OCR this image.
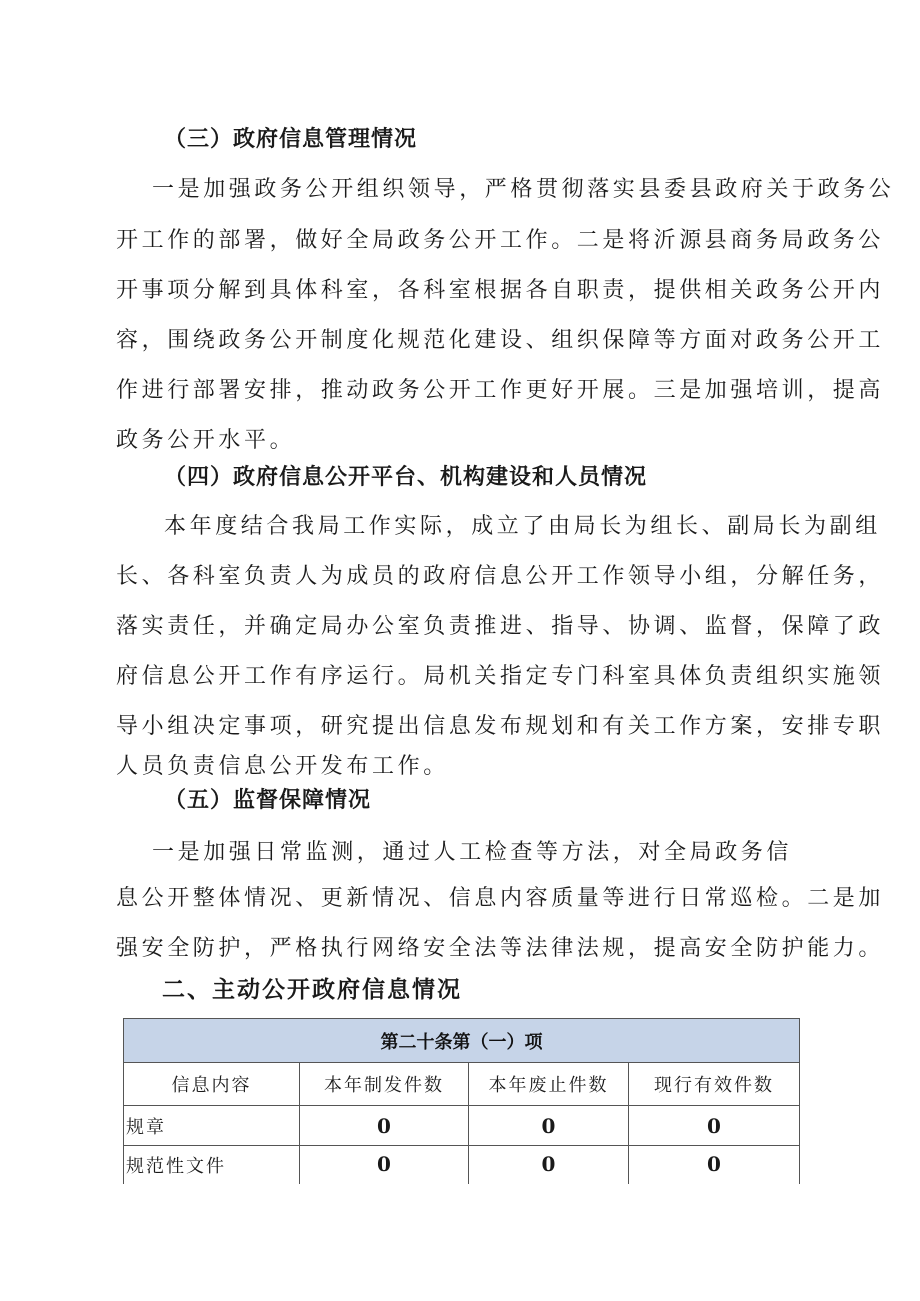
（三）政府信息管理情况
一是加强政务公开组织领导，严格贯彻落实县委县政府关于政务公
开工作的部署，做好全局政务公开工作。二是将沂源县商务局政务公
开事项分解到具体科室，各科室根据各自职责，提供相关政务公开内
容，围绕政务公开制度化规范化建设、组织保障等方面对政务公开工
作进行部署安排，推动政务公开工作更好开展。三是加强培训，提高
政务公开水平。
（四）政府信息公开平台、机构建设和人员情况
本年度结合我局工作实际，成立了由局长为组长、副局长为副组
长、各科室负责人为成员的政府信息公开工作领导小组，分解任务，
落实责任，并确定局办公室负责推进、指导、协调、监督，保障了政
府信息公开工作有序运行。局机关指定专门科室具体负责组织实施领
导小组决定事项，研究提出信息发布规划和有关工作方案，安排专职
人员负责信息公开发布工作。
（五）监督保障情况
一是加强日常监测，通过人工检查等方法，对全局政务信
息公开整体情况、更新情况、信息内容质量等进行日常巡检。二是加
强安全防护，严格执行网络安全法等法律法规，提高安全防护能力。
二、主动公开政府信息情况
第二十条第（一）项			
信息内容	本年制发件数	本年废止件数	现行有效件数
规章	0	0	0
规范性文件	0	0	0
